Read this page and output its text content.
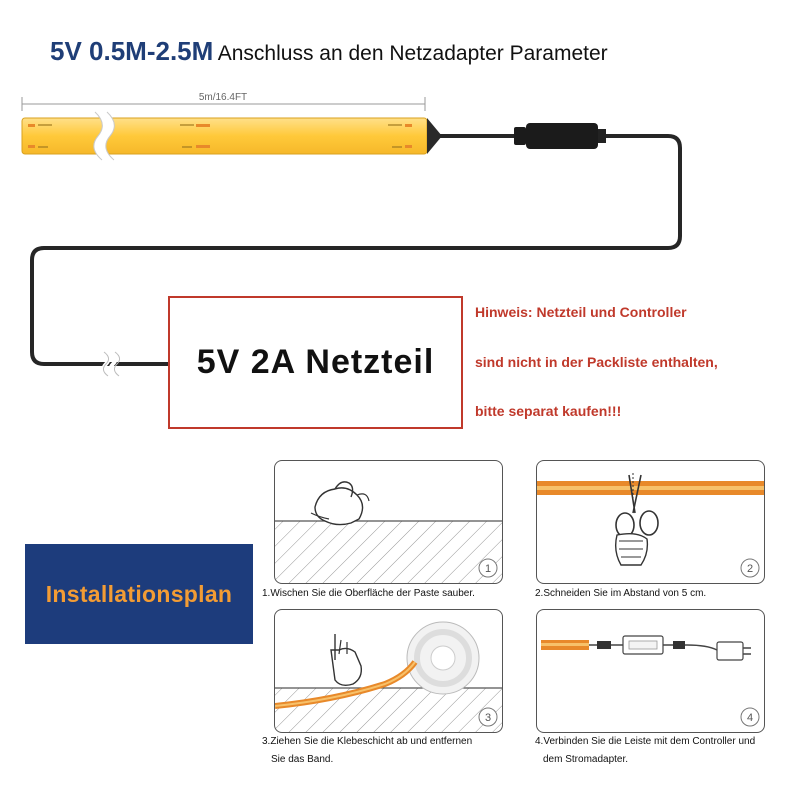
5V 0.5M-2.5M Anschluss an den Netzadapter Parameter
5m/16.4FT
5V 2A Netzteil
Hinweis: Netzteil und Controller
sind nicht in der Packliste enthalten,
bitte separat kaufen!!!
Installationsplan
1
1.Wischen Sie die Oberfläche der Paste sauber.
2
2.Schneiden Sie im Abstand von 5 cm.
3
3.Ziehen Sie die Klebeschicht ab und entfernen
Sie das Band.
4
4.Verbinden Sie die Leiste mit dem Controller und
dem Stromadapter.
